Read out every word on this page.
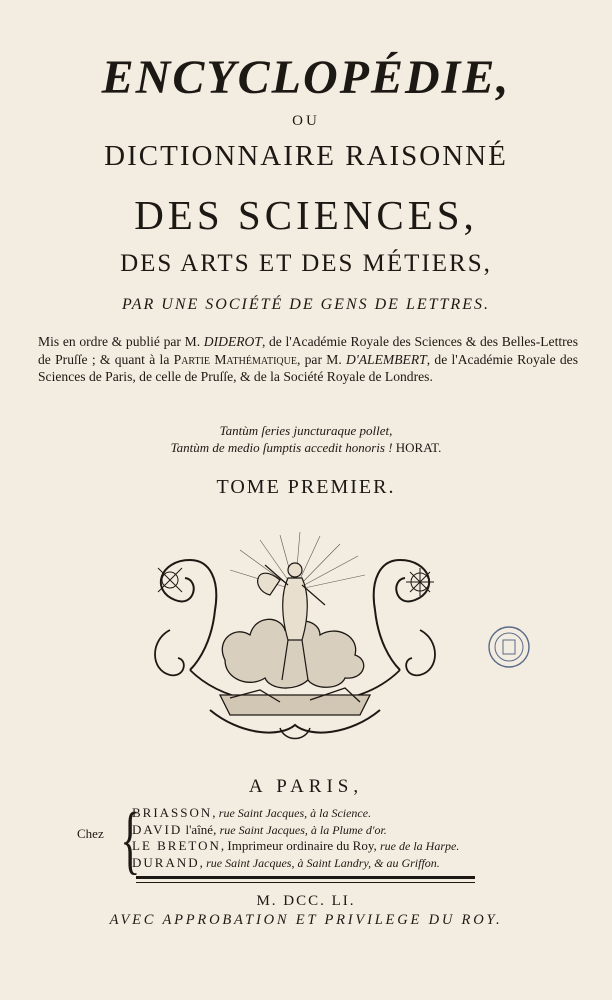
ENCYCLOPÉDIE,
OU
DICTIONNAIRE RAISONNÉ
DES SCIENCES,
DES ARTS ET DES MÉTIERS,
PAR UNE SOCIÉTÉ DE GENS DE LETTRES.
Mis en ordre & publié par M. DIDEROT, de l'Académie Royale des Sciences & des Belles-Lettres de Pruſſe ; & quant à la Partie Mathématique, par M. D'ALEMBERT, de l'Académie Royale des Sciences de Paris, de celle de Pruſſe, & de la Société Royale de Londres.
Tantùm ſeries juncturaque pollet,
Tantùm de medio ſumptis accedit honoris ! HORAT.
TOME PREMIER.
A PARIS,
Chez {
BRIASSON, rue Saint Jacques, à la Science.
DAVID l'aîné, rue Saint Jacques, à la Plume d'or.
LE BRETON, Imprimeur ordinaire du Roy, rue de la Harpe.
DURAND, rue Saint Jacques, à Saint Landry, & au Griffon.
M. DCC. LI.
AVEC APPROBATION ET PRIVILEGE DU ROY.
